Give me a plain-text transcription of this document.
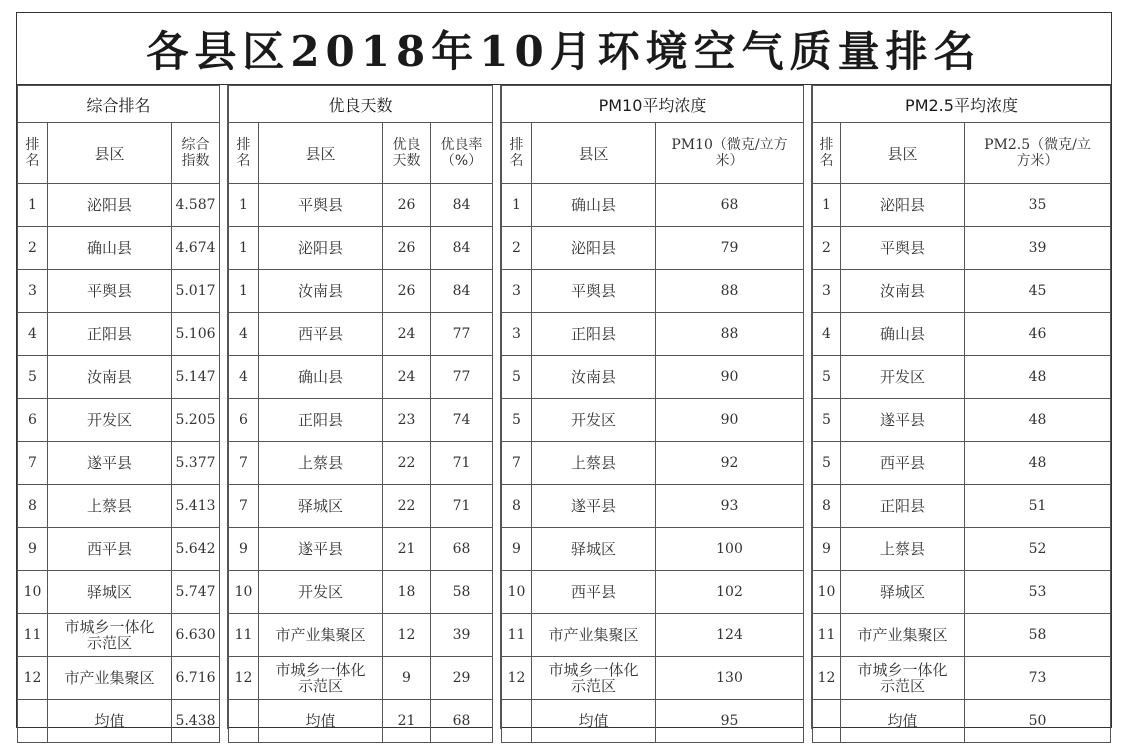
各县区2018年10月环境空气质量排名
综合排名		
排名	县区	综合指数
1	泌阳县	4.587
2	确山县	4.674
3	平舆县	5.017
4	正阳县	5.106
5	汝南县	5.147
6	开发区	5.205
7	遂平县	5.377
8	上蔡县	5.413
9	西平县	5.642
10	驿城区	5.747
11	市城乡一体化示范区	6.630
12	市产业集聚区	6.716
	均值	5.438
优良天数			
排名	县区	优良天数	优良率（%）
1	平舆县	26	84
1	泌阳县	26	84
1	汝南县	26	84
4	西平县	24	77
4	确山县	24	77
6	正阳县	23	74
7	上蔡县	22	71
7	驿城区	22	71
9	遂平县	21	68
10	开发区	18	58
11	市产业集聚区	12	39
12	市城乡一体化示范区	9	29
	均值	21	68
PM10平均浓度		
排名	县区	PM10（微克/立方米）
1	确山县	68
2	泌阳县	79
3	平舆县	88
3	正阳县	88
5	汝南县	90
5	开发区	90
7	上蔡县	92
8	遂平县	93
9	驿城区	100
10	西平县	102
11	市产业集聚区	124
12	市城乡一体化示范区	130
	均值	95
PM2.5平均浓度		
排名	县区	PM2.5（微克/立方米）
1	泌阳县	35
2	平舆县	39
3	汝南县	45
4	确山县	46
5	开发区	48
5	遂平县	48
5	西平县	48
8	正阳县	51
9	上蔡县	52
10	驿城区	53
11	市产业集聚区	58
12	市城乡一体化示范区	73
	均值	50
